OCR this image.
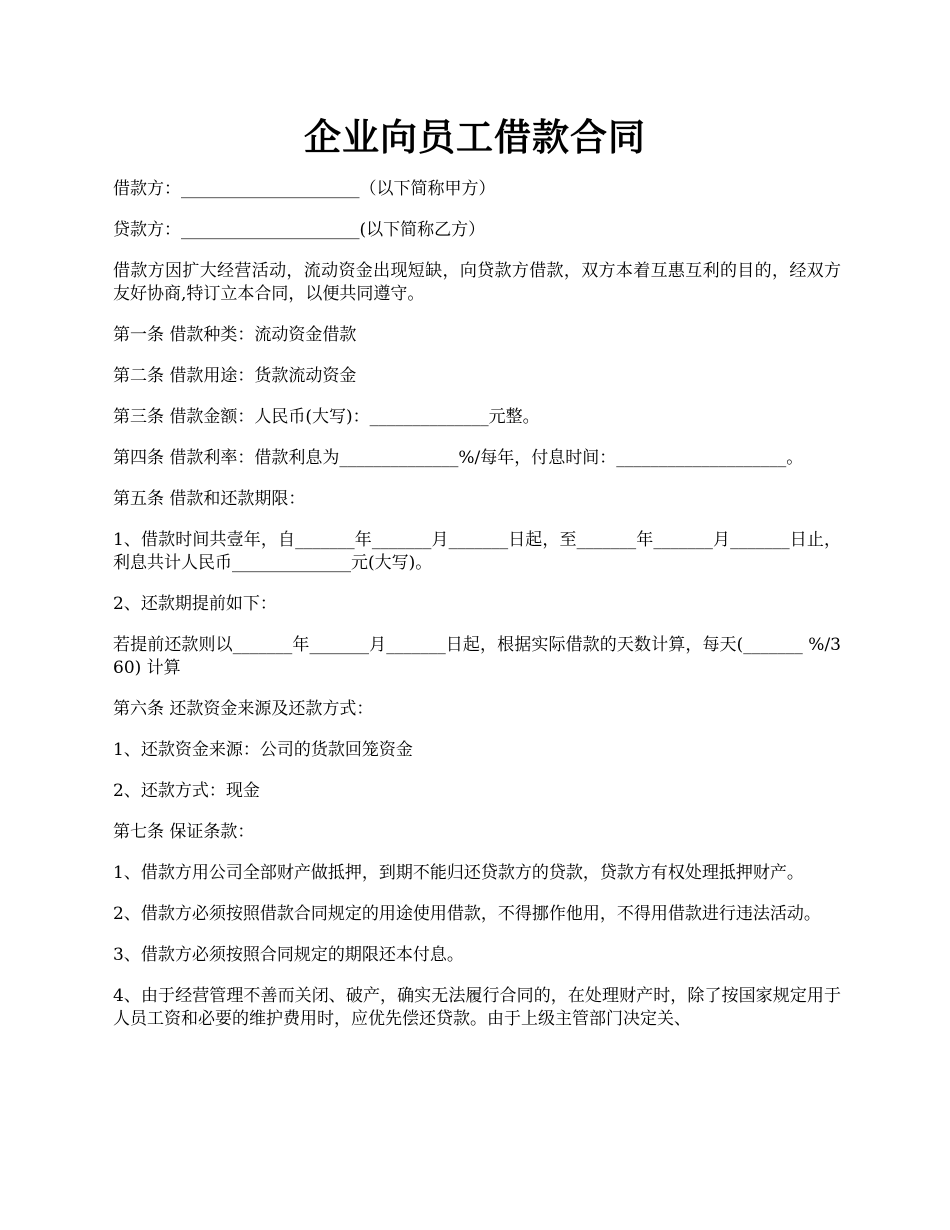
企业向员工借款合同

借款方：_____________________（以下简称甲方）

贷款方：_____________________(以下简称乙方）

借款方因扩大经营活动，流动资金出现短缺，向贷款方借款，双方本着互惠互利的目的，经双方友好协商,特订立本合同，以便共同遵守。

第一条 借款种类：流动资金借款

第二条 借款用途：货款流动资金

第三条 借款金额：人民币(大写)：______________元整。

第四条 借款利率：借款利息为______________%/每年，付息时间：____________________。

第五条 借款和还款期限：

1、借款时间共壹年，自_______年_______月_______日起，至_______年_______月_______日止，利息共计人民币______________元(大写)。

2、还款期提前如下：

若提前还款则以_______年_______月_______日起，根据实际借款的天数计算，每天(_______ %/360) 计算

第六条 还款资金来源及还款方式：

1、还款资金来源：公司的货款回笼资金

2、还款方式：现金

第七条 保证条款：

1、借款方用公司全部财产做抵押，到期不能归还贷款方的贷款，贷款方有权处理抵押财产。

2、借款方必须按照借款合同规定的用途使用借款，不得挪作他用，不得用借款进行违法活动。

3、借款方必须按照合同规定的期限还本付息。

4、由于经营管理不善而关闭、破产，确实无法履行合同的，在处理财产时，除了按国家规定用于人员工资和必要的维护费用时，应优先偿还贷款。由于上级主管部门决定关、
